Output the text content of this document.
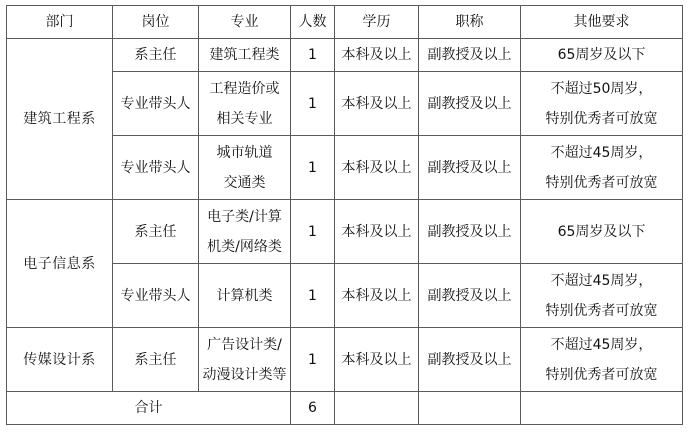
部门	岗位	专业	人数	学历	职称	其他要求
建筑工程系	系主任	建筑工程类	1	本科及以上	副教授及以上	65周岁及以下

	专业带头人	工程造价或
相关专业	1	本科及以上	副教授及以上	不超过50周岁，
特别优秀者可放宽

	专业带头人	城市轨道
交通类	1	本科及以上	副教授及以上	不超过45周岁，
特别优秀者可放宽

电子信息系	系主任	电子类/计算
机类/网络类	1	本科及以上	副教授及以上	65周岁及以下

	专业带头人	计算机类	1	本科及以上	副教授及以上	不超过45周岁，
特别优秀者可放宽

传媒设计系	系主任	广告设计类/
动漫设计类等	1	本科及以上	副教授及以上	不超过45周岁，
特别优秀者可放宽

合计			6			
